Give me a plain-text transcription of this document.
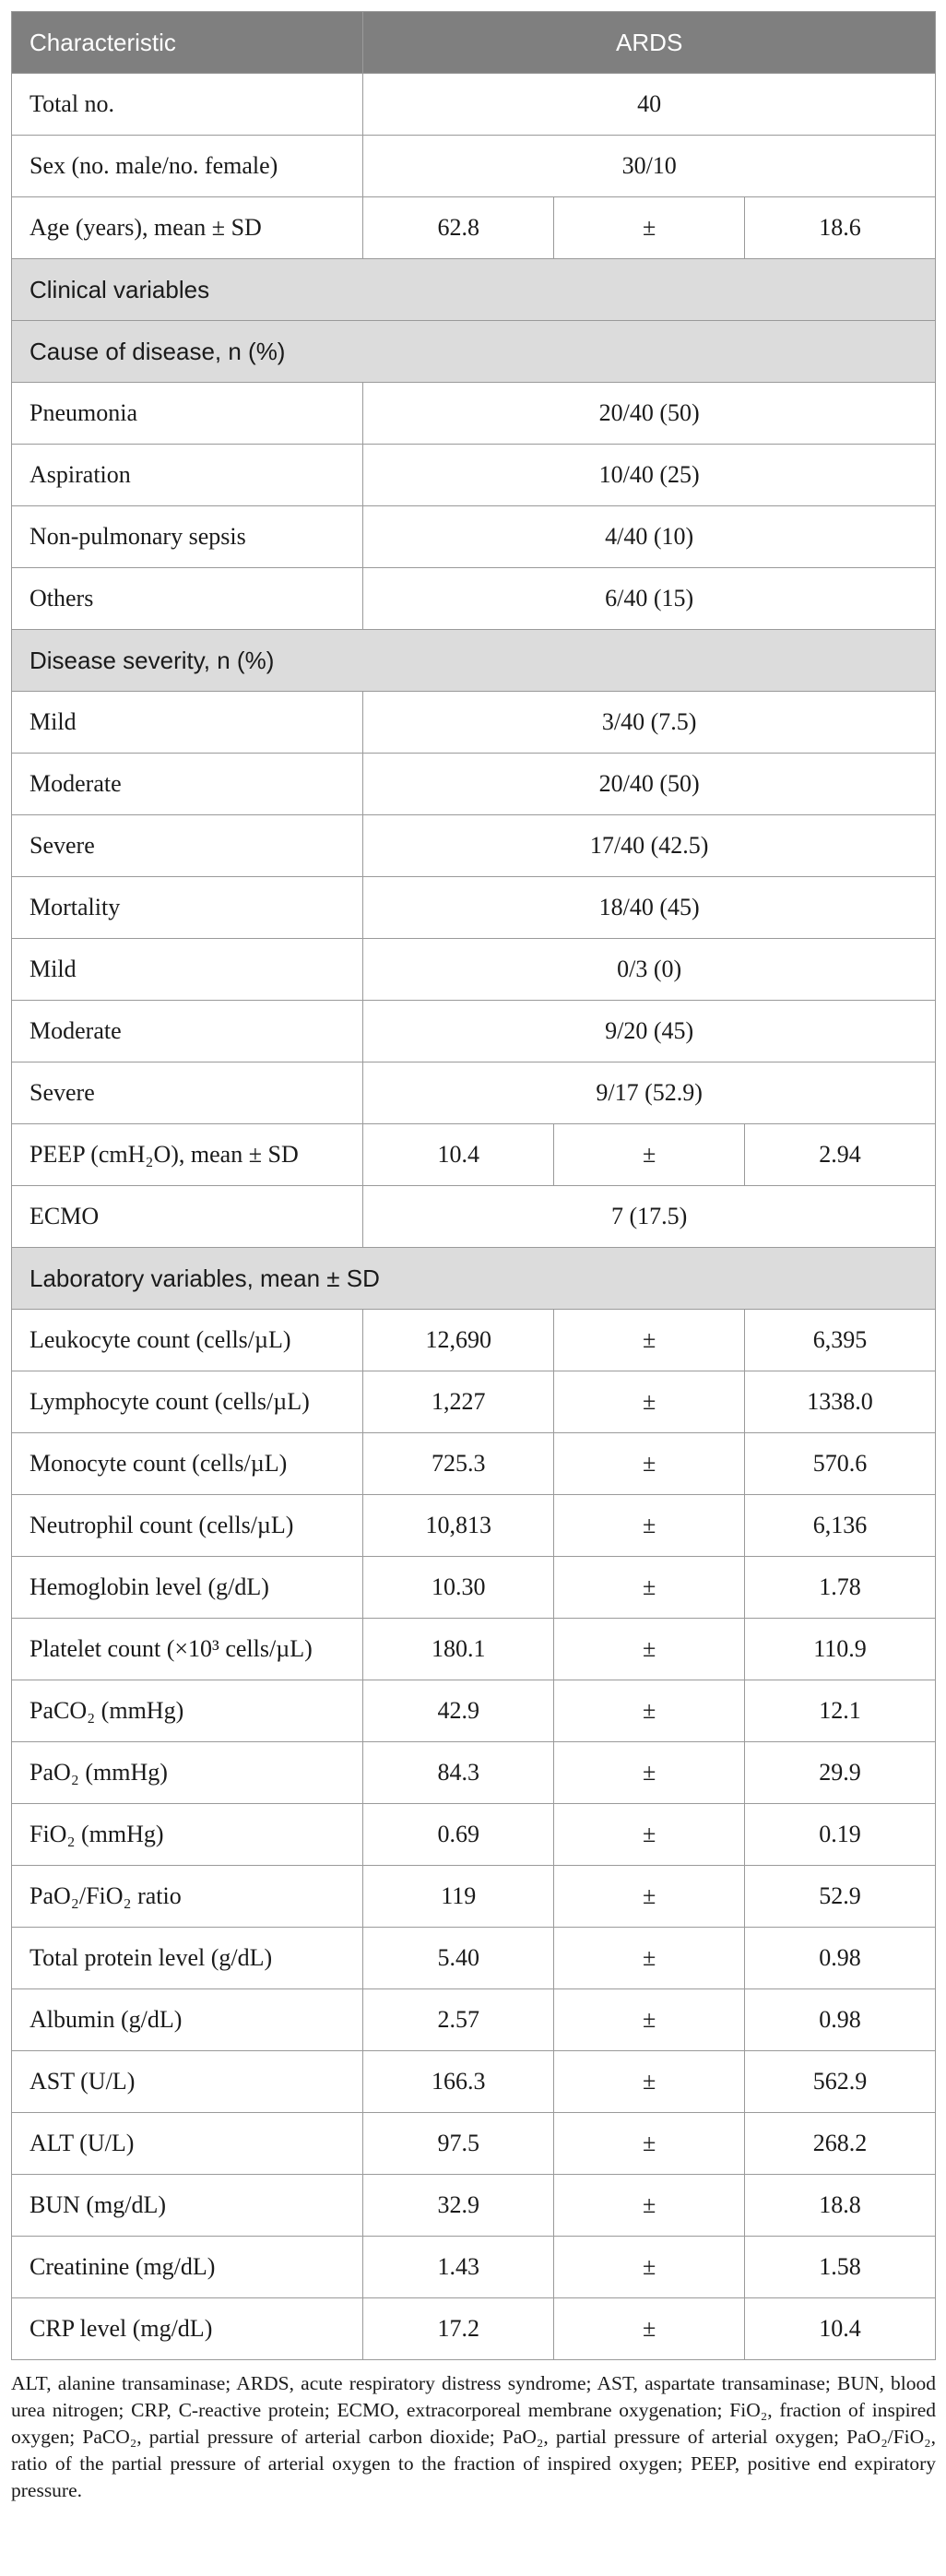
Characteristic	ARDS		
Total no.	40		
Sex (no. male/no. female)	30/10		
Age (years), mean ± SD	62.8	±	18.6
Clinical variables			
Cause of disease, n (%)			
Pneumonia	20/40 (50)		
Aspiration	10/40 (25)		
Non-pulmonary sepsis	4/40 (10)		
Others	6/40 (15)		
Disease severity, n (%)			
Mild	3/40 (7.5)		
Moderate	20/40 (50)		
Severe	17/40 (42.5)		
Mortality	18/40 (45)		
Mild	0/3 (0)		
Moderate	9/20 (45)		
Severe	9/17 (52.9)		
PEEP (cmH₂O), mean ± SD	10.4	±	2.94
ECMO	7 (17.5)		
Laboratory variables, mean ± SD			
Leukocyte count (cells/µL)	12,690	±	6,395
Lymphocyte count (cells/µL)	1,227	±	1338.0
Monocyte count (cells/µL)	725.3	±	570.6
Neutrophil count (cells/µL)	10,813	±	6,136
Hemoglobin level (g/dL)	10.30	±	1.78
Platelet count (×10³ cells/µL)	180.1	±	110.9
PaCO₂ (mmHg)	42.9	±	12.1
PaO₂ (mmHg)	84.3	±	29.9
FiO₂ (mmHg)	0.69	±	0.19
PaO₂/FiO₂ ratio	119	±	52.9
Total protein level (g/dL)	5.40	±	0.98
Albumin (g/dL)	2.57	±	0.98
AST (U/L)	166.3	±	562.9
ALT (U/L)	97.5	±	268.2
BUN (mg/dL)	32.9	±	18.8
Creatinine (mg/dL)	1.43	±	1.58
CRP level (mg/dL)	17.2	±	10.4

ALT, alanine transaminase; ARDS, acute respiratory distress syndrome; AST, aspartate transaminase; BUN, blood urea nitrogen; CRP, C-reactive protein; ECMO, extracorporeal membrane oxygenation; FiO₂, fraction of inspired oxygen; PaCO₂, partial pressure of arterial carbon dioxide; PaO₂, partial pressure of arterial oxygen; PaO₂/FiO₂, ratio of the partial pressure of arterial oxygen to the fraction of inspired oxygen; PEEP, positive end expiratory pressure.
